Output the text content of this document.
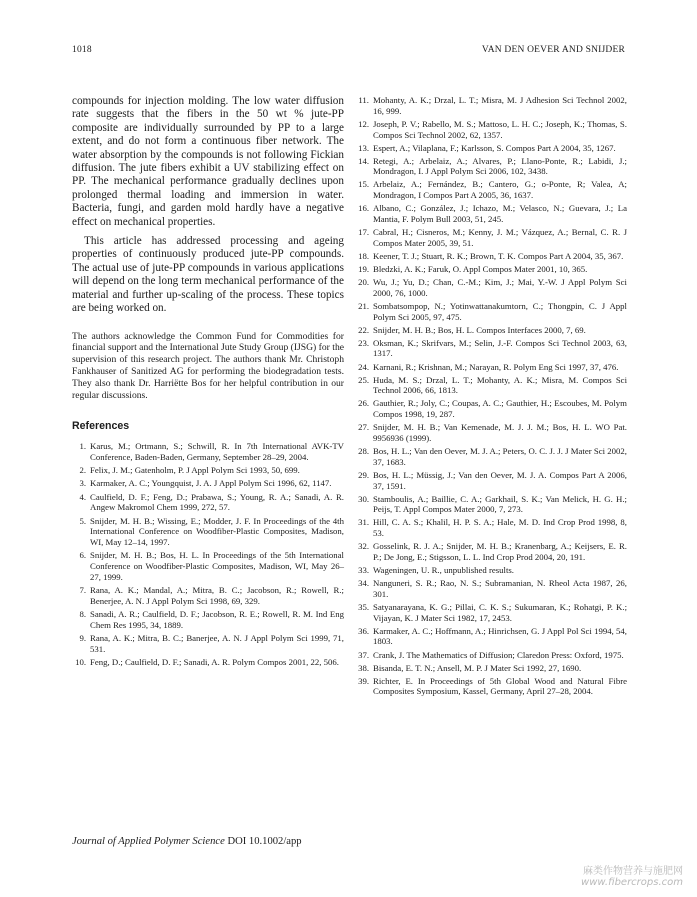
1018	VAN DEN OEVER AND SNIJDER

compounds for injection molding. The low water diffusion rate suggests that the fibers in the 50 wt % jute-PP composite are individually surrounded by PP to a large extent, and do not form a continuous fiber network. The water absorption by the compounds is not following Fickian diffusion. The jute fibers exhibit a UV stabilizing effect on PP. The mechanical performance gradually declines upon prolonged thermal loading and immersion in water. Bacteria, fungi, and garden mold hardly have a negative effect on mechanical properties.

This article has addressed processing and ageing properties of continuously produced jute-PP compounds. The actual use of jute-PP compounds in various applications will depend on the long term mechanical performance of the material and further up-scaling of the process. These topics are being worked on.

The authors acknowledge the Common Fund for Commodities for financial support and the International Jute Study Group (IJSG) for the supervision of this research project. The authors thank Mr. Christoph Fankhauser of Sanitized AG for performing the biodegradation tests. They also thank Dr. Harriëtte Bos for her helpful contribution in our regular discussions.

References
1. Karus, M.; Ortmann, S.; Schwill, R. In 7th International AVK-TV Conference, Baden-Baden, Germany, September 28–29, 2004.
2. Felix, J. M.; Gatenholm, P. J Appl Polym Sci 1993, 50, 699.
3. Karmaker, A. C.; Youngquist, J. A. J Appl Polym Sci 1996, 62, 1147.
4. Caulfield, D. F.; Feng, D.; Prabawa, S.; Young, R. A.; Sanadi, A. R. Angew Makromol Chem 1999, 272, 57.
5. Snijder, M. H. B.; Wissing, E.; Modder, J. F. In Proceedings of the 4th International Conference on Woodfiber-Plastic Composites, Madison, WI, May 12–14, 1997.
6. Snijder, M. H. B.; Bos, H. L. In Proceedings of the 5th International Conference on Woodfiber-Plastic Composites, Madison, WI, May 26–27, 1999.
7. Rana, A. K.; Mandal, A.; Mitra, B. C.; Jacobson, R.; Rowell, R.; Benerjee, A. N. J Appl Polym Sci 1998, 69, 329.
8. Sanadi, A. R.; Caulfield, D. F.; Jacobson, R. E.; Rowell, R. M. Ind Eng Chem Res 1995, 34, 1889.
9. Rana, A. K.; Mitra, B. C.; Banerjee, A. N. J Appl Polym Sci 1999, 71, 531.
10. Feng, D.; Caulfield, D. F.; Sanadi, A. R. Polym Compos 2001, 22, 506.
11. Mohanty, A. K.; Drzal, L. T.; Misra, M. J Adhesion Sci Technol 2002, 16, 999.
12. Joseph, P. V.; Rabello, M. S.; Mattoso, L. H. C.; Joseph, K.; Thomas, S. Compos Sci Technol 2002, 62, 1357.
13. Espert, A.; Vilaplana, F.; Karlsson, S. Compos Part A 2004, 35, 1267.
14. Retegi, A.; Arbelaiz, A.; Alvares, P.; Llano-Ponte, R.; Labidi, J.; Mondragon, I. J Appl Polym Sci 2006, 102, 3438.
15. Arbelaiz, A.; Fernández, B.; Cantero, G.; o-Ponte, R; Valea, A; Mondragon, I Compos Part A 2005, 36, 1637.
16. Albano, C.; González, J.; Ichazo, M.; Velasco, N.; Guevara, J.; La Mantia, F. Polym Bull 2003, 51, 245.
17. Cabral, H.; Cisneros, M.; Kenny, J. M.; Vázquez, A.; Bernal, C. R. J Compos Mater 2005, 39, 51.
18. Keener, T. J.; Stuart, R. K.; Brown, T. K. Compos Part A 2004, 35, 367.
19. Bledzki, A. K.; Faruk, O. Appl Compos Mater 2001, 10, 365.
20. Wu, J.; Yu, D.; Chan, C.-M.; Kim, J.; Mai, Y.-W. J Appl Polym Sci 2000, 76, 1000.
21. Sombatsompop, N.; Yotinwattanakumtorn, C.; Thongpin, C. J Appl Polym Sci 2005, 97, 475.
22. Snijder, M. H. B.; Bos, H. L. Compos Interfaces 2000, 7, 69.
23. Oksman, K.; Skrifvars, M.; Selin, J.-F. Compos Sci Technol 2003, 63, 1317.
24. Karnani, R.; Krishnan, M.; Narayan, R. Polym Eng Sci 1997, 37, 476.
25. Huda, M. S.; Drzal, L. T.; Mohanty, A. K.; Misra, M. Compos Sci Technol 2006, 66, 1813.
26. Gauthier, R.; Joly, C.; Coupas, A. C.; Gauthier, H.; Escoubes, M. Polym Compos 1998, 19, 287.
27. Snijder, M. H. B.; Van Kemenade, M. J. J. M.; Bos, H. L. WO Pat. 9956936 (1999).
28. Bos, H. L.; Van den Oever, M. J. A.; Peters, O. C. J. J. J Mater Sci 2002, 37, 1683.
29. Bos, H. L.; Müssig, J.; Van den Oever, M. J. A. Compos Part A 2006, 37, 1591.
30. Stamboulis, A.; Baillie, C. A.; Garkhail, S. K.; Van Melick, H. G. H.; Peijs, T. Appl Compos Mater 2000, 7, 273.
31. Hill, C. A. S.; Khalil, H. P. S. A.; Hale, M. D. Ind Crop Prod 1998, 8, 53.
32. Gosselink, R. J. A.; Snijder, M. H. B.; Kranenbarg, A.; Keijsers, E. R. P.; De Jong, E.; Stigsson, L. L. Ind Crop Prod 2004, 20, 191.
33. Wageningen, U. R., unpublished results.
34. Nanguneri, S. R.; Rao, N. S.; Subramanian, N. Rheol Acta 1987, 26, 301.
35. Satyanarayana, K. G.; Pillai, C. K. S.; Sukumaran, K.; Rohatgi, P. K.; Vijayan, K. J Mater Sci 1982, 17, 2453.
36. Karmaker, A. C.; Hoffmann, A.; Hinrichsen, G. J Appl Pol Sci 1994, 54, 1803.
37. Crank, J. The Mathematics of Diffusion; Claredon Press: Oxford, 1975.
38. Bisanda, E. T. N.; Ansell, M. P. J Mater Sci 1992, 27, 1690.
39. Richter, E. In Proceedings of 5th Global Wood and Natural Fibre Composites Symposium, Kassel, Germany, April 27–28, 2004.
Journal of Applied Polymer Science DOI 10.1002/app
麻类作物营养与施肥网
www.fibercrops.com
